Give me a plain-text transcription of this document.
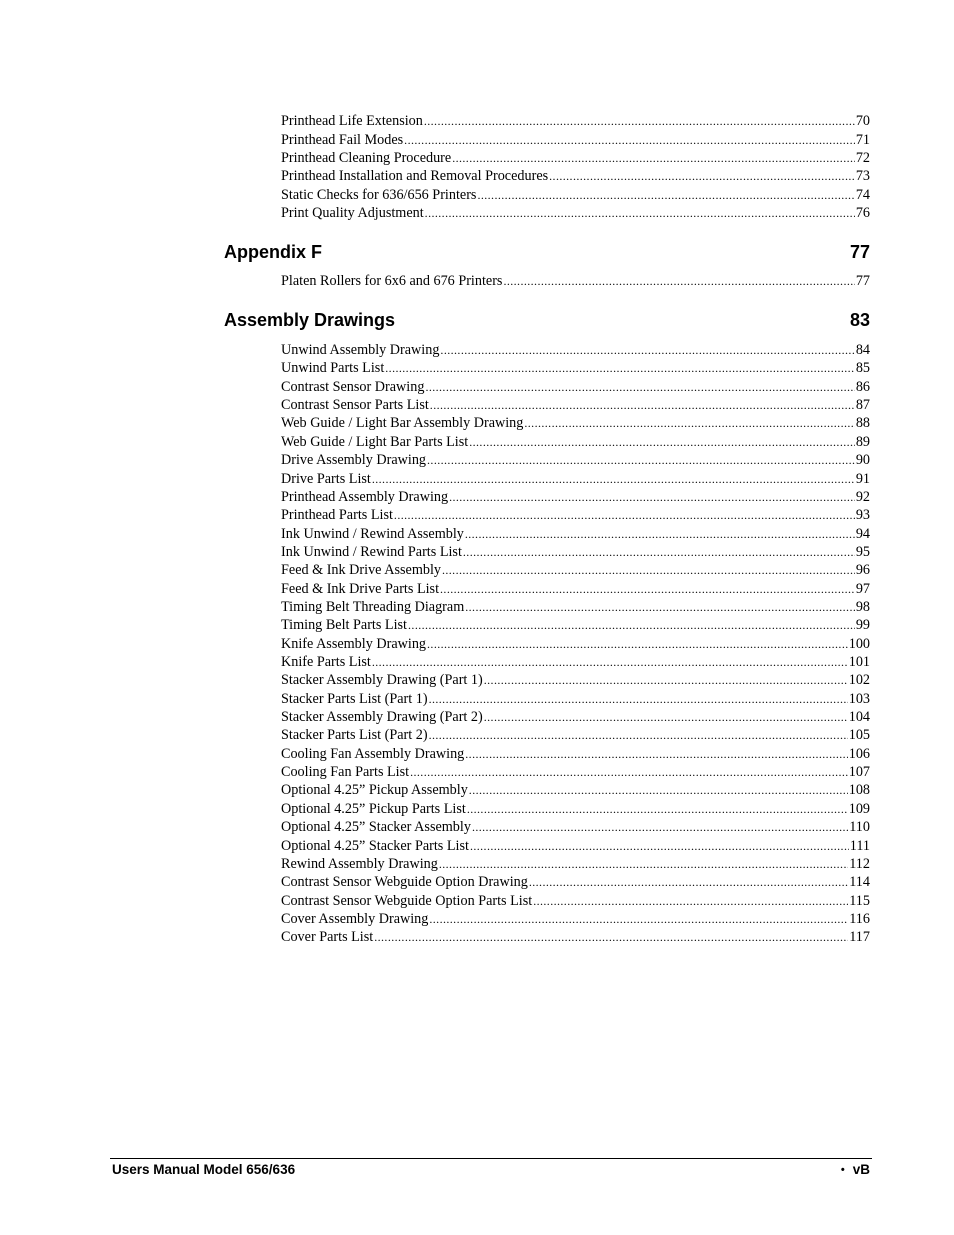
Printhead Life Extension .....	70
Printhead Fail Modes .....	71
Printhead Cleaning Procedure .....	72
Printhead Installation and Removal Procedures .....	73
Static Checks for 636/656 Printers .....	74
Print Quality Adjustment .....	76
Appendix F	77
Platen Rollers for 6x6 and 676 Printers .....	77
Assembly Drawings	83
Unwind Assembly Drawing .....	84
Unwind Parts List .....	85
Contrast Sensor Drawing .....	86
Contrast Sensor Parts List .....	87
Web Guide / Light Bar Assembly Drawing .....	88
Web Guide / Light Bar Parts List .....	89
Drive Assembly Drawing .....	90
Drive Parts List .....	91
Printhead Assembly Drawing .....	92
Printhead Parts List .....	93
Ink Unwind / Rewind Assembly .....	94
Ink Unwind / Rewind Parts List .....	95
Feed & Ink Drive Assembly .....	96
Feed & Ink Drive Parts List .....	97
Timing Belt Threading Diagram .....	98
Timing Belt Parts List .....	99
Knife Assembly Drawing .....	100
Knife Parts List .....	101
Stacker Assembly Drawing (Part 1) .....	102
Stacker Parts List (Part 1) .....	103
Stacker Assembly Drawing (Part 2) .....	104
Stacker Parts List (Part 2) .....	105
Cooling Fan Assembly Drawing .....	106
Cooling Fan Parts List .....	107
Optional 4.25” Pickup Assembly .....	108
Optional 4.25” Pickup Parts List .....	109
Optional 4.25” Stacker Assembly .....	110
Optional 4.25” Stacker Parts List .....	111
Rewind Assembly Drawing .....	112
Contrast Sensor Webguide Option Drawing .....	114
Contrast Sensor Webguide Option Parts List .....	115
Cover Assembly Drawing .....	116
Cover Parts List .....	117
Users Manual Model 656/636	• vB
